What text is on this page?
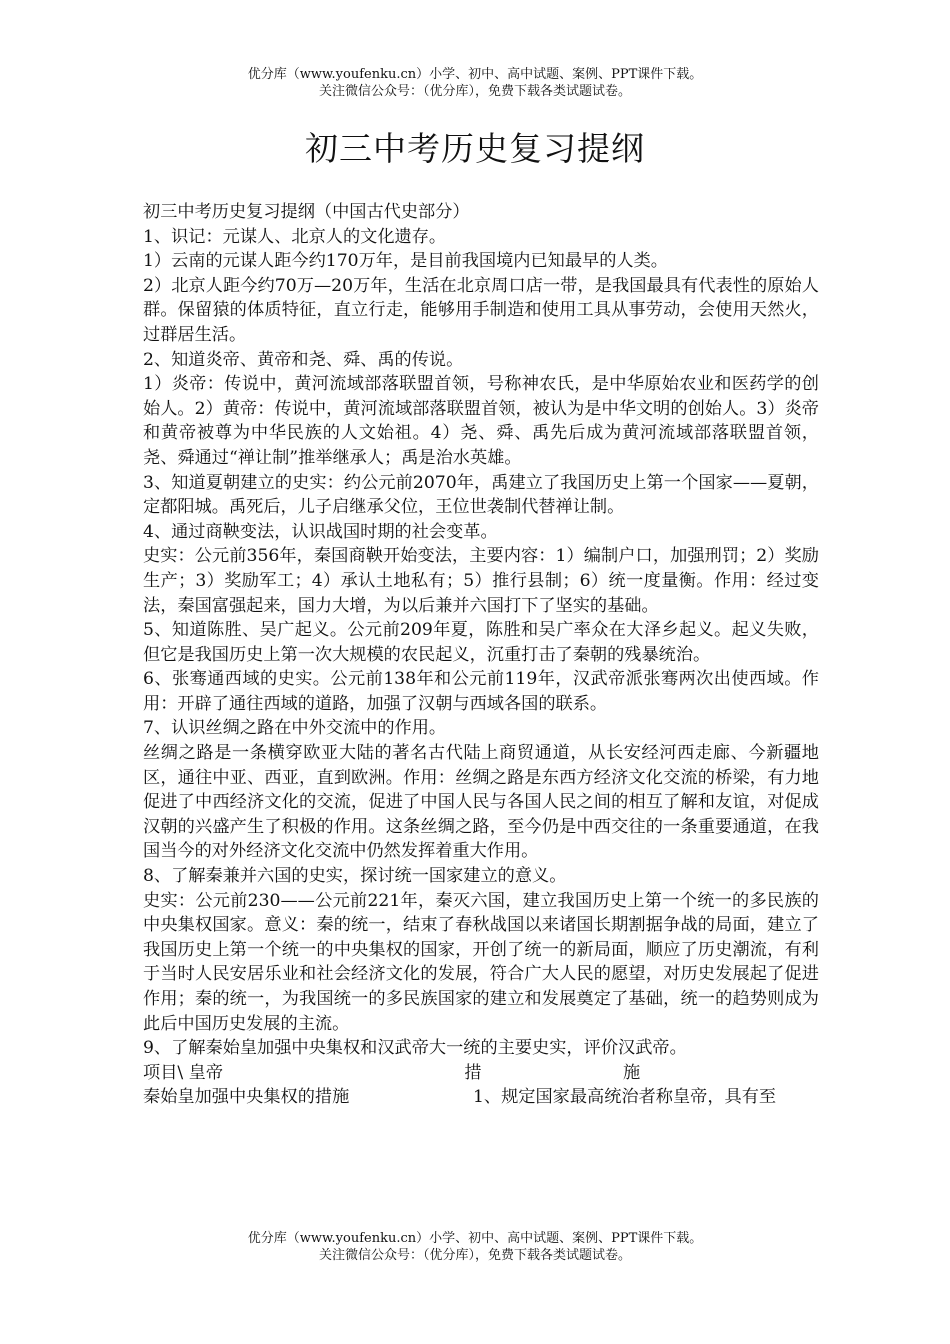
优分库（www.youfenku.cn）小学、初中、高中试题、案例、PPT课件下载。
关注微信公众号：（优分库），免费下载各类试题试卷。
初三中考历史复习提纲

初三中考历史复习提纲（中国古代史部分）

1、识记：元谋人、北京人的文化遗存。

1）云南的元谋人距今约170万年，是目前我国境内已知最早的人类。

2）北京人距今约70万—20万年，生活在北京周口店一带，是我国最具有代表性的原始人群。保留猿的体质特征，直立行走，能够用手制造和使用工具从事劳动，会使用天然火，过群居生活。

2、知道炎帝、黄帝和尧、舜、禹的传说。

1）炎帝：传说中，黄河流域部落联盟首领，号称神农氏，是中华原始农业和医药学的创始人。2）黄帝：传说中，黄河流域部落联盟首领，被认为是中华文明的创始人。3）炎帝和黄帝被尊为中华民族的人文始祖。4）尧、舜、禹先后成为黄河流域部落联盟首领，尧、舜通过“禅让制”推举继承人；禹是治水英雄。

3、知道夏朝建立的史实：约公元前2070年，禹建立了我国历史上第一个国家——夏朝，定都阳城。禹死后，儿子启继承父位，王位世袭制代替禅让制。

4、通过商鞅变法，认识战国时期的社会变革。

史实：公元前356年，秦国商鞅开始变法，主要内容：1）编制户口，加强刑罚；2）奖励生产；3）奖励军工；4）承认土地私有；5）推行县制；6）统一度量衡。作用：经过变法，秦国富强起来，国力大增，为以后兼并六国打下了坚实的基础。

5、知道陈胜、吴广起义。公元前209年夏，陈胜和吴广率众在大泽乡起义。起义失败，但它是我国历史上第一次大规模的农民起义，沉重打击了秦朝的残暴统治。

6、张骞通西域的史实。公元前138年和公元前119年，汉武帝派张骞两次出使西域。作用：开辟了通往西域的道路，加强了汉朝与西域各国的联系。

7、认识丝绸之路在中外交流中的作用。

丝绸之路是一条横穿欧亚大陆的著名古代陆上商贸通道，从长安经河西走廊、今新疆地区，通往中亚、西亚，直到欧洲。作用：丝绸之路是东西方经济文化交流的桥梁，有力地促进了中西经济文化的交流，促进了中国人民与各国人民之间的相互了解和友谊，对促成汉朝的兴盛产生了积极的作用。这条丝绸之路，至今仍是中西交往的一条重要通道，在我国当今的对外经济文化交流中仍然发挥着重大作用。

8、了解秦兼并六国的史实，探讨统一国家建立的意义。

史实：公元前230——公元前221年，秦灭六国，建立我国历史上第一个统一的多民族的中央集权国家。意义：秦的统一，结束了春秋战国以来诸国长期割据争战的局面，建立了我国历史上第一个统一的中央集权的国家，开创了统一的新局面，顺应了历史潮流，有利于当时人民安居乐业和社会经济文化的发展，符合广大人民的愿望，对历史发展起了促进作用；秦的统一，为我国统一的多民族国家的建立和发展奠定了基础，统一的趋势则成为此后中国历史发展的主流。

9、了解秦始皇加强中央集权和汉武帝大一统的主要史实，评价汉武帝。

项目\ 皇帝	措	施
秦始皇加强中央集权的措施	1、规定国家最高统治者称皇帝，具有至
优分库（www.youfenku.cn）小学、初中、高中试题、案例、PPT课件下载。
关注微信公众号：（优分库），免费下载各类试题试卷。
